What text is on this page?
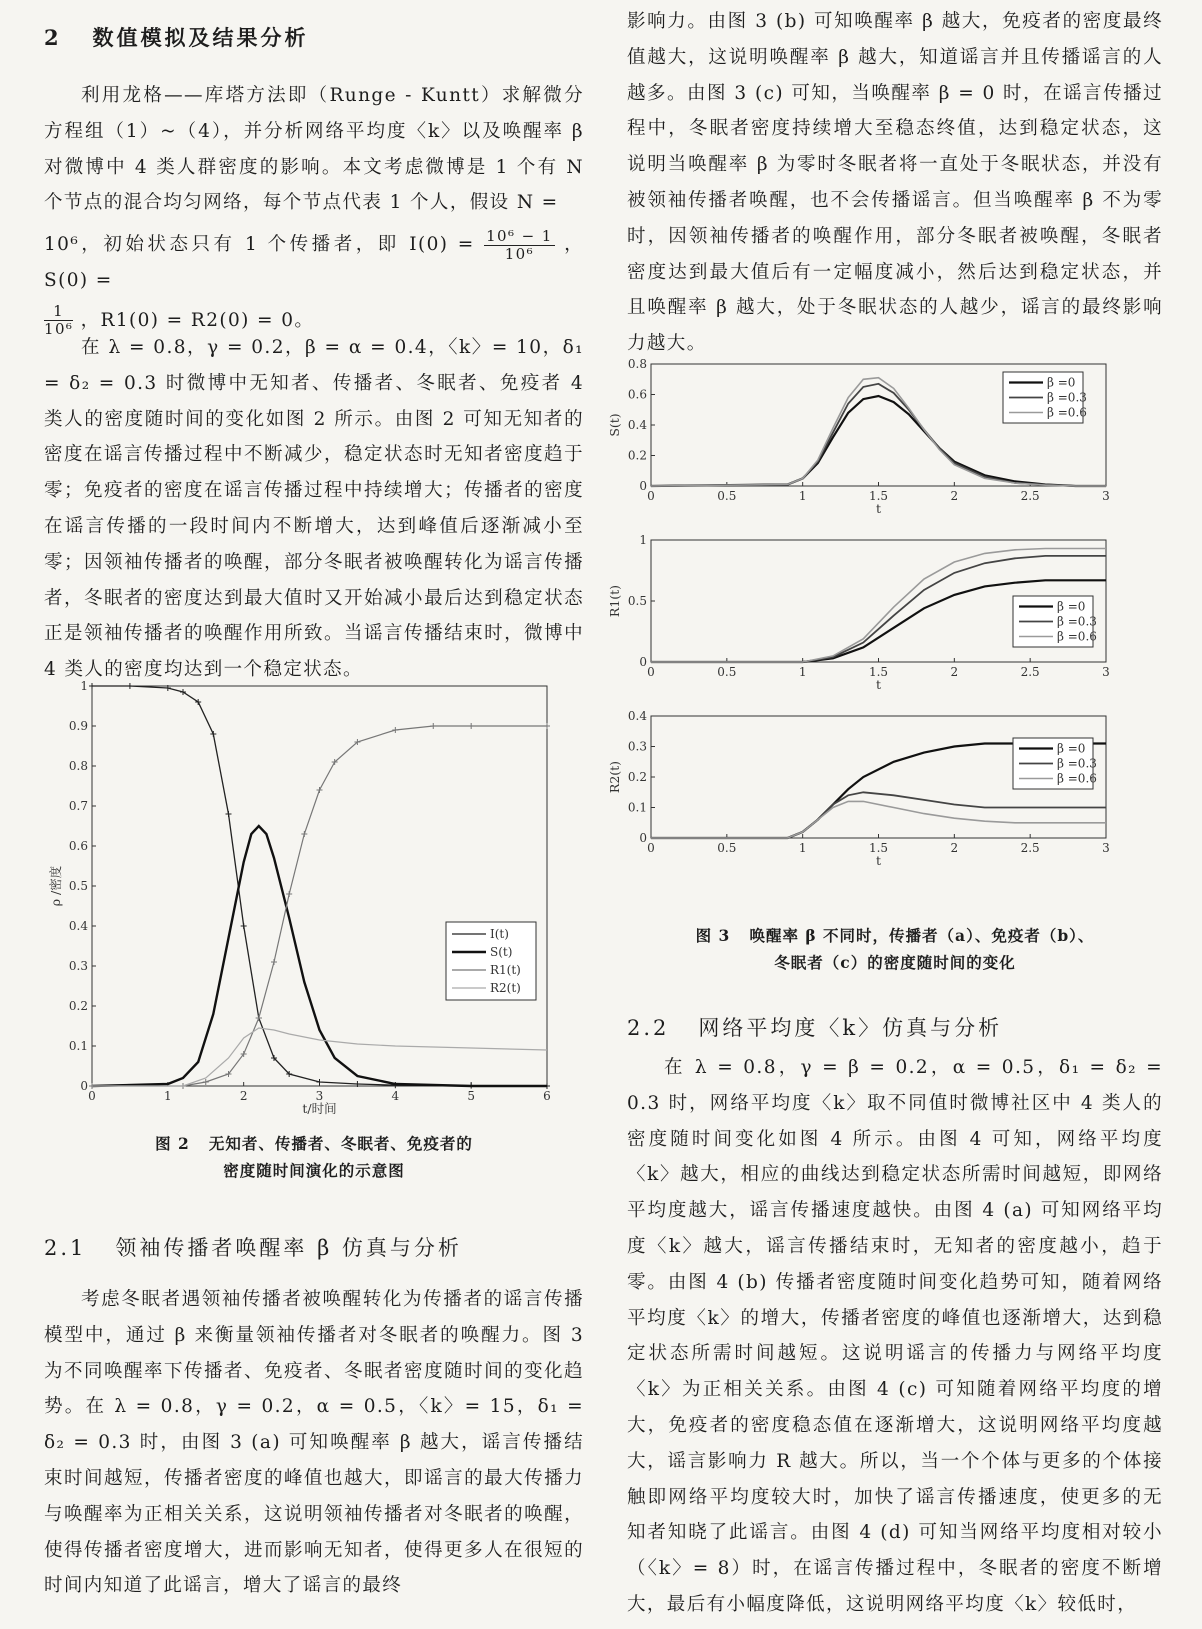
2   数值模拟及结果分析

利用龙格——库塔方法即（Runge - Kuntt）求解微分方程组（1）~（4），并分析网络平均度〈k〉以及唤醒率 β 对微博中 4 类人群密度的影响。本文考虑微博是 1 个有 N 个节点的混合均匀网络，每个节点代表 1 个人，假设 N =

10⁶，初始状态只有 1 个传播者，即 $I(0) = \frac{\text{10⁶ − 1}}{\text{10⁶}}$ ，S(0) =

$\frac{1}{\text{10⁶}}$ ，R1(0) = R2(0) = 0。

在 λ = 0.8，γ = 0.2，β = α = 0.4，〈k〉= 10，δ₁ = δ₂ = 0.3 时微博中无知者、传播者、冬眠者、免疫者 4 类人的密度随时间的变化如图 2 所示。由图 2 可知无知者的密度在谣言传播过程中不断减少，稳定状态时无知者密度趋于零；免疫者的密度在谣言传播过程中持续增大；传播者的密度在谣言传播的一段时间内不断增大，达到峰值后逐渐减小至零；因领袖传播者的唤醒，部分冬眠者被唤醒转化为谣言传播者，冬眠者的密度达到最大值时又开始减小最后达到稳定状态正是领袖传播者的唤醒作用所致。当谣言传播结束时，微博中 4 类人的密度均达到一个稳定状态。

0	1	2	3	4	5	6
0
0.1
0.2
0.3
0.4
0.5
0.6
0.7
0.8
0.9
1
t/时间
ρ /密度
I(t)
S(t)
R1(t)
R2(t)
图 2   无知者、传播者、冬眠者、免疫者的
密度随时间演化的示意图
2.1   领袖传播者唤醒率 β 仿真与分析

考虑冬眠者遇领袖传播者被唤醒转化为传播者的谣言传播模型中，通过 β 来衡量领袖传播者对冬眠者的唤醒力。图 3 为不同唤醒率下传播者、免疫者、冬眠者密度随时间的变化趋势。在 λ = 0.8，γ = 0.2，α = 0.5，〈k〉= 15，δ₁ = δ₂ = 0.3 时，由图 3 (a) 可知唤醒率 β 越大，谣言传播结束时间越短，传播者密度的峰值也越大，即谣言的最大传播力与唤醒率为正相关关系，这说明领袖传播者对冬眠者的唤醒，使得传播者密度增大，进而影响无知者，使得更多人在很短的时间内知道了此谣言，增大了谣言的最终

影响力。由图 3 (b) 可知唤醒率 β 越大，免疫者的密度最终值越大，这说明唤醒率 β 越大，知道谣言并且传播谣言的人越多。由图 3 (c) 可知，当唤醒率 β = 0 时，在谣言传播过程中，冬眠者密度持续增大至稳态终值，达到稳定状态，这说明当唤醒率 β 为零时冬眠者将一直处于冬眠状态，并没有被领袖传播者唤醒，也不会传播谣言。但当唤醒率 β 不为零时，因领袖传播者的唤醒作用，部分冬眠者被唤醒，冬眠者密度达到最大值后有一定幅度减小，然后达到稳定状态，并且唤醒率 β 越大，处于冬眠状态的人越少，谣言的最终影响力越大。

0	0.5	1	1.5	2	2.5	3
0
0.2
0.4
0.6
0.8
t
S(t)
β =0
β =0.3
β =0.6
0	0.5	1	1.5	2	2.5	3
0
0.5
1
t
R1(t)	β =0
β =0.3
β =0.6
0	0.5	1	1.5	2	2.5	3
0
0.1
0.2
0.3
0.4
t
R2(t)
β =0
β =0.3
β =0.6
图 3   唤醒率 β 不同时，传播者（a）、免疫者（b）、
冬眠者（c）的密度随时间的变化
2.2   网络平均度〈k〉仿真与分析

在 λ = 0.8，γ = β = 0.2，α = 0.5，δ₁ = δ₂ = 0.3 时，网络平均度〈k〉取不同值时微博社区中 4 类人的密度随时间变化如图 4 所示。由图 4 可知，网络平均度〈k〉越大，相应的曲线达到稳定状态所需时间越短，即网络平均度越大，谣言传播速度越快。由图 4 (a) 可知网络平均度〈k〉越大，谣言传播结束时，无知者的密度越小，趋于零。由图 4 (b) 传播者密度随时间变化趋势可知，随着网络平均度〈k〉的增大，传播者密度的峰值也逐渐增大，达到稳定状态所需时间越短。这说明谣言的传播力与网络平均度〈k〉为正相关关系。由图 4 (c) 可知随着网络平均度的增大，免疫者的密度稳态值在逐渐增大，这说明网络平均度越大，谣言影响力 R 越大。所以，当一个个体与更多的个体接触即网络平均度较大时，加快了谣言传播速度，使更多的无知者知晓了此谣言。由图 4 (d) 可知当网络平均度相对较小（〈k〉= 8）时，在谣言传播过程中，冬眠者的密度不断增大，最后有小幅度降低，这说明网络平均度〈k〉较低时，
